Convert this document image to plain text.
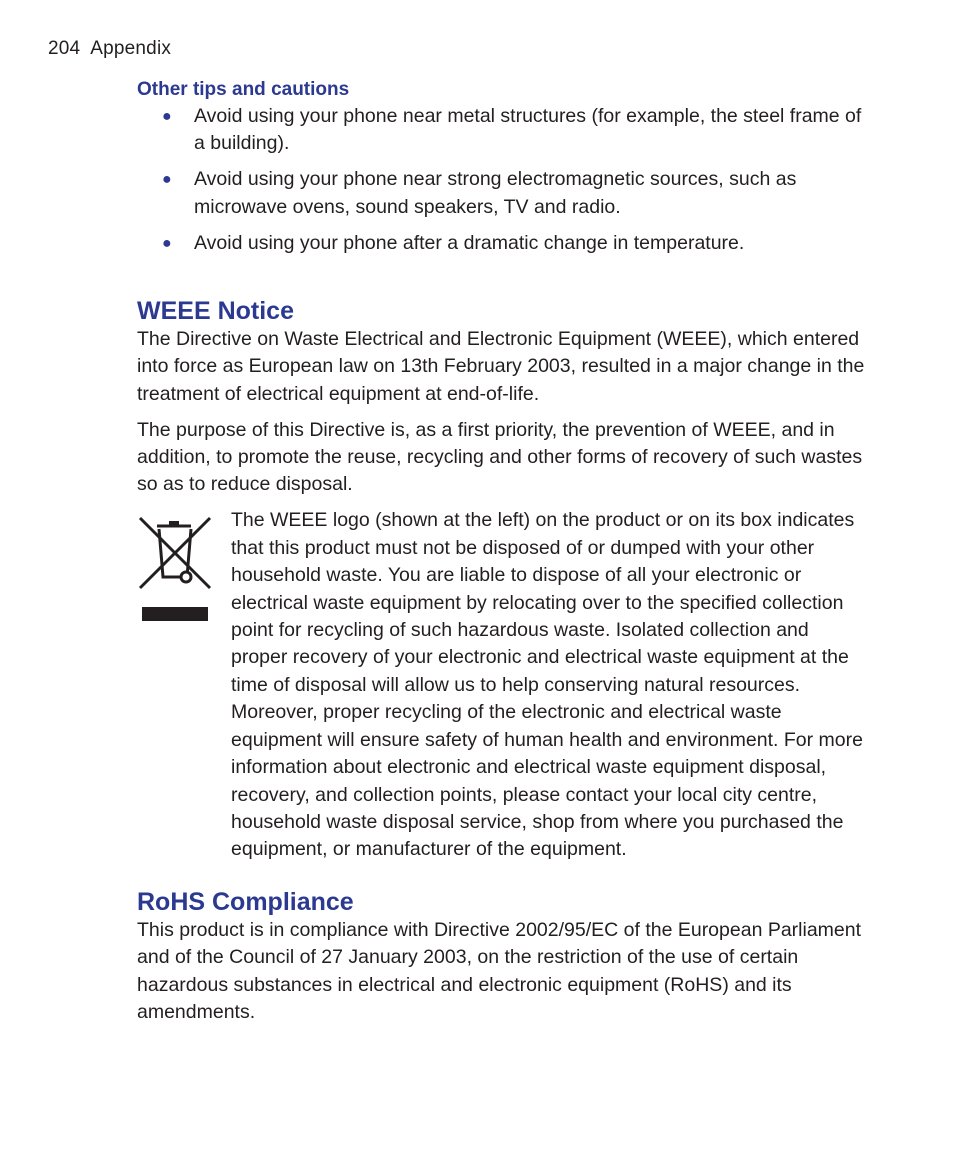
204 Appendix
Other tips and cautions
● Avoid using your phone near metal structures (for example, the steel frame of a building).
● Avoid using your phone near strong electromagnetic sources, such as microwave ovens, sound speakers, TV and radio.
● Avoid using your phone after a dramatic change in temperature.
WEEE Notice

The Directive on Waste Electrical and Electronic Equipment (WEEE), which entered into force as European law on 13th February 2003, resulted in a major change in the treatment of electrical equipment at end-of-life.

The purpose of this Directive is, as a first priority, the prevention of WEEE, and in addition, to promote the reuse, recycling and other forms of recovery of such wastes so as to reduce disposal.

The WEEE logo (shown at the left) on the product or on its box indicates that this product must not be disposed of or dumped with your other household waste. You are liable to dispose of all your electronic or electrical waste equipment by relocating over to the specified collection point for recycling of such hazardous waste. Isolated collection and proper recovery of your electronic and electrical waste equipment at the time of disposal will allow us to help conserving natural resources. Moreover, proper recycling of the electronic and electrical waste equipment will ensure safety of human health and environment. For more information about electronic and electrical waste equipment disposal, recovery, and collection points, please contact your local city centre, household waste disposal service, shop from where you purchased the equipment, or manufacturer of the equipment.
RoHS Compliance

This product is in compliance with Directive 2002/95/EC of the European Parliament and of the Council of 27 January 2003, on the restriction of the use of certain hazardous substances in electrical and electronic equipment (RoHS) and its amendments.
